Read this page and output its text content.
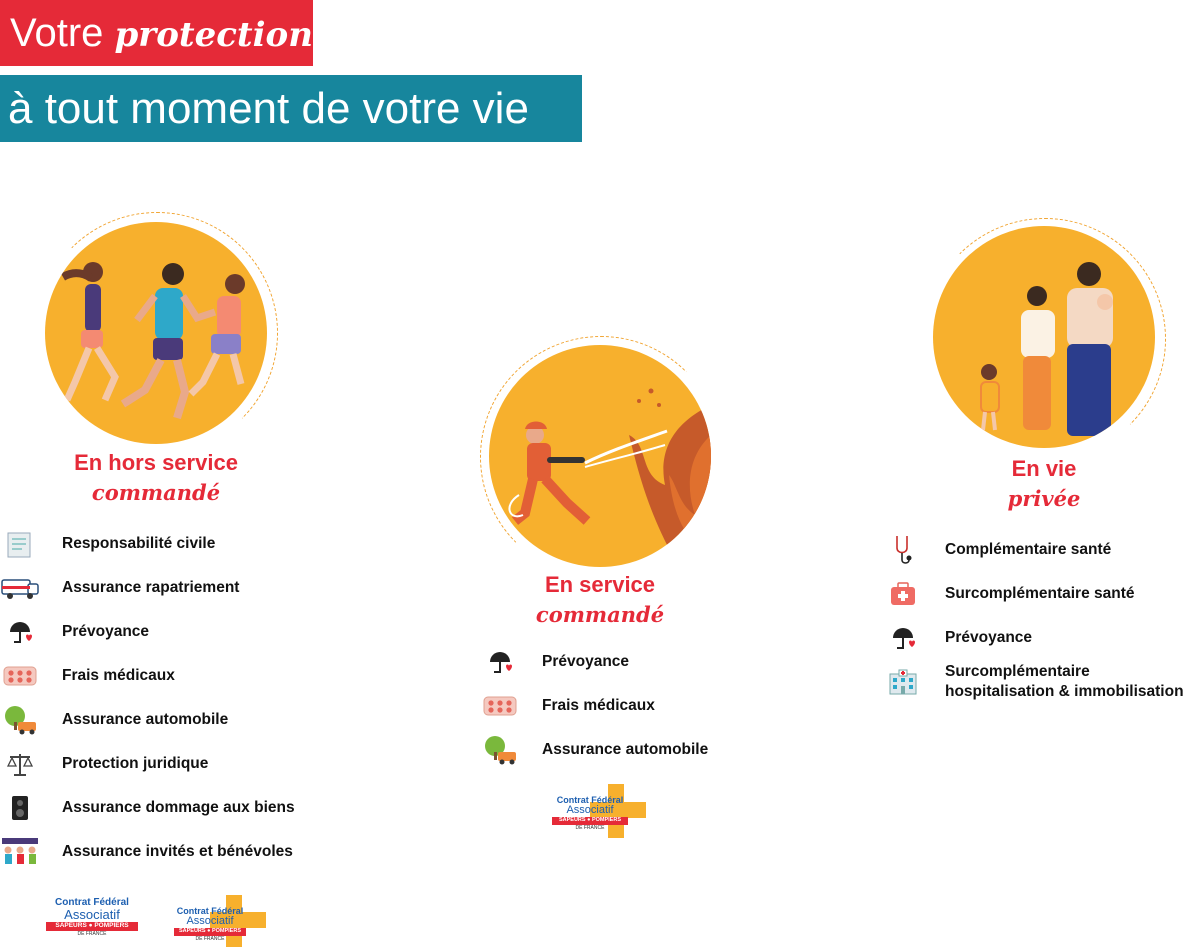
Votre protection
à tout moment de votre vie
En hors service
commandé
Responsabilité civile
Assurance rapatriement
Prévoyance
Frais médicaux
Assurance automobile
Protection juridique
Assurance dommage aux biens
Assurance invités et bénévoles
Contrat Fédéral
Associatif
SAPEURS ● POMPIERS
DE FRANCE
Contrat Fédéral
Associatif
SAPEURS ● POMPIERS
DE FRANCE
En service
commandé
Prévoyance
Frais médicaux
Assurance automobile
Contrat Fédéral
Associatif
SAPEURS ● POMPIERS
DE FRANCE
En vie
privée
Complémentaire santé
Surcomplémentaire santé
Prévoyance
Surcomplémentaire
hospitalisation & immobilisation
